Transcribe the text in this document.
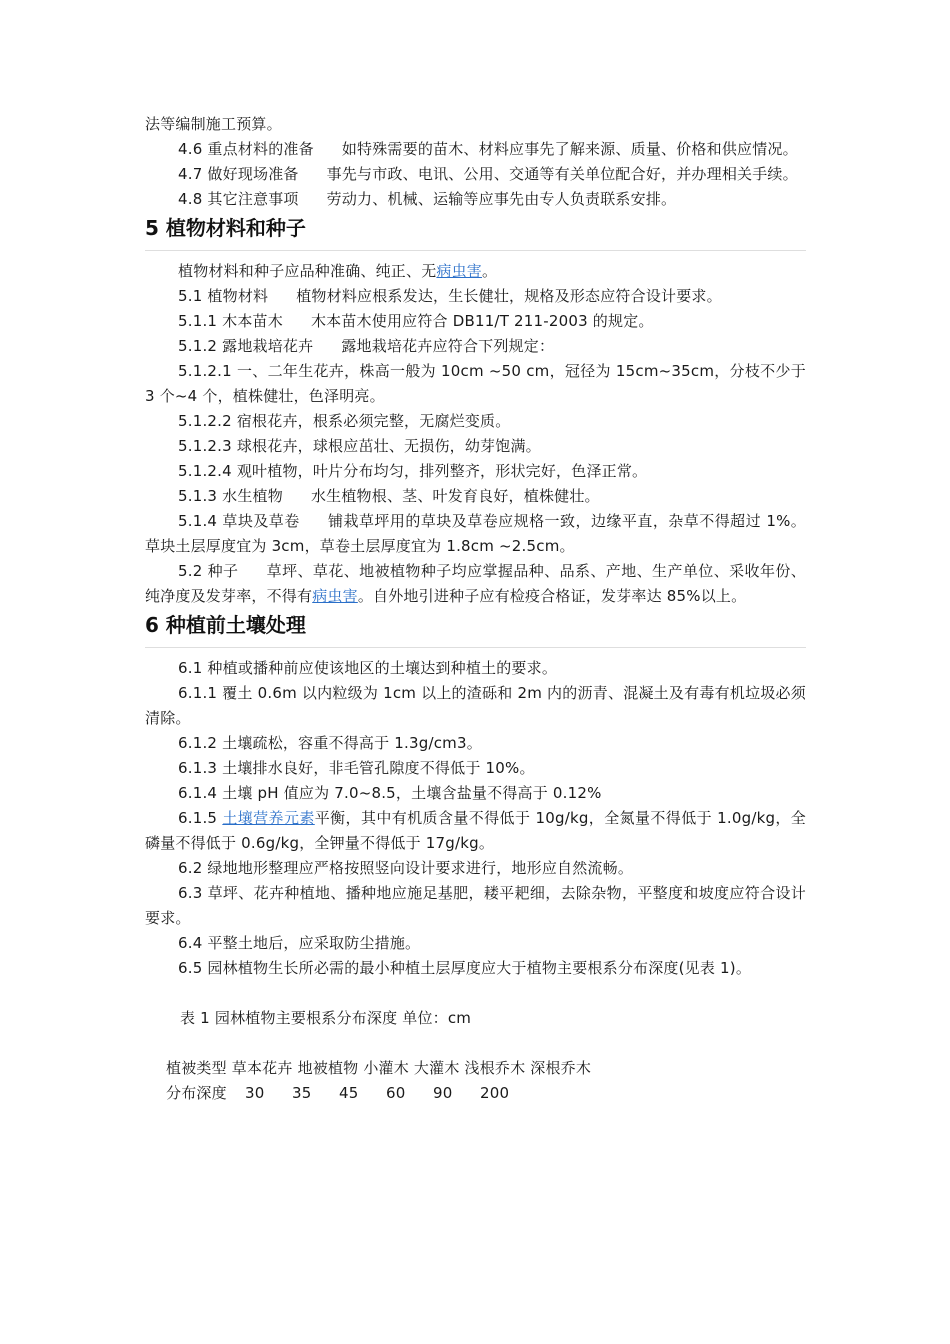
法等编制施工预算。

4.6 重点材料的准备 如特殊需要的苗木、材料应事先了解来源、质量、价格和供应情况。

4.7 做好现场准备 事先与市政、电讯、公用、交通等有关单位配合好，并办理相关手续。

4.8 其它注意事项 劳动力、机械、运输等应事先由专人负责联系安排。

5 植物材料和种子

植物材料和种子应品种准确、纯正、无病虫害。

5.1 植物材料 植物材料应根系发达，生长健壮，规格及形态应符合设计要求。

5.1.1 木本苗木 木本苗木使用应符合 DB11/T 211-2003 的规定。

5.1.2 露地栽培花卉 露地栽培花卉应符合下列规定：

5.1.2.1 一、二年生花卉，株高一般为 10cm ~50 cm，冠径为 15cm~35cm，分枝不少于 3 个~4 个，植株健壮，色泽明亮。

5.1.2.2 宿根花卉，根系必须完整，无腐烂变质。

5.1.2.3 球根花卉，球根应茁壮、无损伤，幼芽饱满。

5.1.2.4 观叶植物，叶片分布均匀，排列整齐，形状完好，色泽正常。

5.1.3 水生植物 水生植物根、茎、叶发育良好，植株健壮。

5.1.4 草块及草卷 铺栽草坪用的草块及草卷应规格一致，边缘平直，杂草不得超过 1%。草块土层厚度宜为 3cm，草卷土层厚度宜为 1.8cm ~2.5cm。

5.2 种子 草坪、草花、地被植物种子均应掌握品种、品系、产地、生产单位、采收年份、纯净度及发芽率，不得有病虫害。自外地引进种子应有检疫合格证，发芽率达 85%以上。

6 种植前土壤处理

6.1 种植或播种前应使该地区的土壤达到种植土的要求。

6.1.1 覆土 0.6m 以内粒级为 1cm 以上的渣砾和 2m 内的沥青、混凝土及有毒有机垃圾必须清除。

6.1.2 土壤疏松，容重不得高于 1.3g/cm3。

6.1.3 土壤排水良好，非毛管孔隙度不得低于 10%。

6.1.4 土壤 pH 值应为 7.0~8.5，土壤含盐量不得高于 0.12%

6.1.5 土壤营养元素平衡，其中有机质含量不得低于 10g/kg，全氮量不得低于 1.0g/kg，全磷量不得低于 0.6g/kg，全钾量不得低于 17g/kg。

6.2 绿地地形整理应严格按照竖向设计要求进行，地形应自然流畅。

6.3 草坪、花卉种植地、播种地应施足基肥，耧平耙细，去除杂物，平整度和坡度应符合设计要求。

6.4 平整土地后，应采取防尘措施。

6.5 园林植物生长所必需的最小种植土层厚度应大于植物主要根系分布深度(见表 1)。

表 1 园林植物主要根系分布深度 单位：cm

植被类型 草本花卉 地被植物 小灌木 大灌木 浅根乔木 深根乔木

分布深度 30 35 45 60 90 200
